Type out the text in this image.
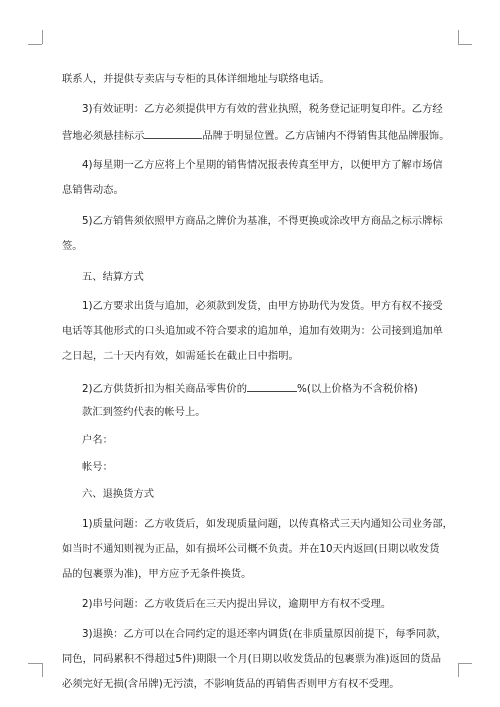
联系人，并提供专卖店与专柜的具体详细地址与联络电话。
3)有效证明：乙方必须提供甲方有效的营业执照，税务登记证明复印件。乙方经
营地必须悬挂标示	品牌于明显位置。乙方店铺内不得销售其他品牌服饰。
4)每星期一乙方应将上个星期的销售情况报表传真至甲方，以便甲方了解市场信
息销售动态。
5)乙方销售须依照甲方商品之牌价为基准，不得更换或涂改甲方商品之标示牌标
签。
五、结算方式
1)乙方要求出货与追加，必须款到发货，由甲方协助代为发货。甲方有权不接受
电话等其他形式的口头追加或不符合要求的追加单，追加有效期为：公司接到追加单
之日起，二十天内有效，如需延长在截止日中指明。
2)乙方供货折扣为相关商品零售价的	%(以上价格为不含税价格)
款汇到签约代表的帐号上。
户名：
帐号：
六、退换货方式
1)质量问题：乙方收货后，如发现质量问题，以传真格式三天内通知公司业务部，
如当时不通知则视为正品，如有损坏公司概不负责。并在10天内返回(日期以收发货
品的包裹票为准)，甲方应予无条件换货。
2)串号问题：乙方收货后在三天内提出异议，逾期甲方有权不受理。
3)退换：乙方可以在合同约定的退还率内调货(在非质量原因前提下，每季同款，
同色，同码累积不得超过5件)期限一个月(日期以收发货品的包裹票为准)返回的货品
必须完好无损(含吊牌)无污渍，不影响货品的再销售否则甲方有权不受理。
